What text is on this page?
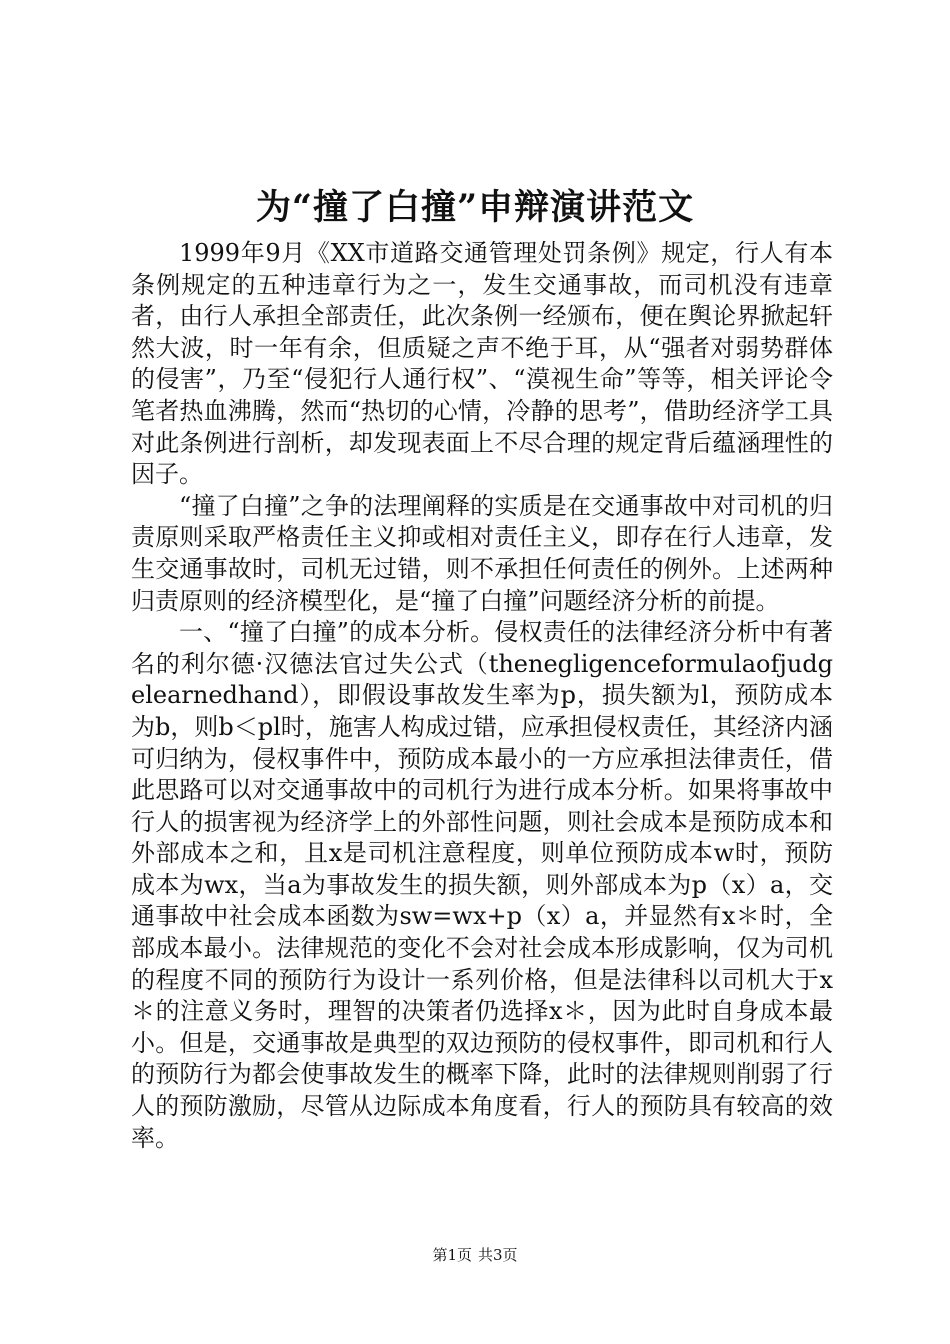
为“撞了白撞”申辩演讲范文

1999年9月《XX市道路交通管理处罚条例》规定，行人有本条例规定的五种违章行为之一，发生交通事故，而司机没有违章者，由行人承担全部责任，此次条例一经颁布，便在舆论界掀起轩然大波，时一年有余，但质疑之声不绝于耳，从“强者对弱势群体的侵害”，乃至“侵犯行人通行权”、“漠视生命”等等，相关评论令笔者热血沸腾，然而“热切的心情，冷静的思考”，借助经济学工具对此条例进行剖析，却发现表面上不尽合理的规定背后蕴涵理性的因子。

“撞了白撞”之争的法理阐释的实质是在交通事故中对司机的归责原则采取严格责任主义抑或相对责任主义，即存在行人违章，发生交通事故时，司机无过错，则不承担任何责任的例外。上述两种归责原则的经济模型化，是“撞了白撞”问题经济分析的前提。

一、“撞了白撞”的成本分析。侵权责任的法律经济分析中有著名的利尔德·汉德法官过失公式（thenegligenceformulaofjudgelearnedhand），即假设事故发生率为p，损失额为l，预防成本为b，则b＜pl时，施害人构成过错，应承担侵权责任，其经济内涵可归纳为，侵权事件中，预防成本最小的一方应承担法律责任，借此思路可以对交通事故中的司机行为进行成本分析。如果将事故中行人的损害视为经济学上的外部性问题，则社会成本是预防成本和外部成本之和，且x是司机注意程度，则单位预防成本w时，预防成本为wx，当a为事故发生的损失额，则外部成本为p（x）a，交通事故中社会成本函数为sw=wx+p（x）a，并显然有x＊时，全部成本最小。法律规范的变化不会对社会成本形成影响，仅为司机的程度不同的预防行为设计一系列价格，但是法律科以司机大于x＊的注意义务时，理智的决策者仍选择x＊，因为此时自身成本最小。但是，交通事故是典型的双边预防的侵权事件，即司机和行人的预防行为都会使事故发生的概率下降，此时的法律规则削弱了行人的预防激励，尽管从边际成本角度看，行人的预防具有较高的效率。

第1页 共3页
